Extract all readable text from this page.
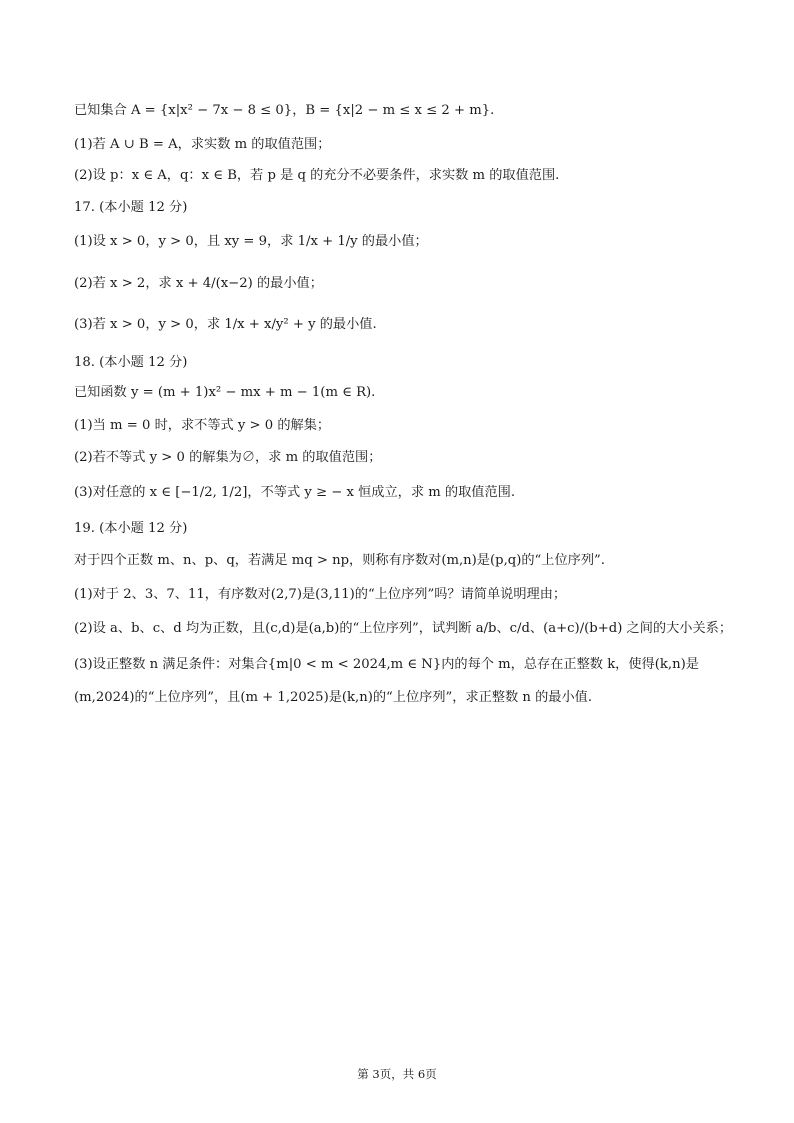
已知集合 A = {x|x² − 7x − 8 ≤ 0}，B = {x|2 − m ≤ x ≤ 2 + m}.
(1)若 A ∪ B = A，求实数 m 的取值范围；
(2)设 p：x ∈ A，q：x ∈ B，若 p 是 q 的充分不必要条件，求实数 m 的取值范围.
17. (本小题 12 分)
(1)设 x > 0，y > 0，且 xy = 9，求 1/x + 1/y 的最小值；
(2)若 x > 2，求 x + 4/(x−2) 的最小值；
(3)若 x > 0，y > 0，求 1/x + x/y² + y 的最小值.
18. (本小题 12 分)
已知函数 y = (m + 1)x² − mx + m − 1(m ∈ R).
(1)当 m = 0 时，求不等式 y > 0 的解集；
(2)若不等式 y > 0 的解集为∅，求 m 的取值范围；
(3)对任意的 x ∈ [−1/2, 1/2]，不等式 y ≥ − x 恒成立，求 m 的取值范围.
19. (本小题 12 分)
对于四个正数 m、n、p、q，若满足 mq > np，则称有序数对(m,n)是(p,q)的“上位序列”.
(1)对于 2、3、7、11，有序数对(2,7)是(3,11)的“上位序列”吗？请简单说明理由；
(2)设 a、b、c、d 均为正数，且(c,d)是(a,b)的“上位序列”，试判断 a/b、c/d、(a+c)/(b+d) 之间的大小关系；
(3)设正整数 n 满足条件：对集合{m|0 < m < 2024,m ∈ N}内的每个 m，总存在正整数 k，使得(k,n)是
(m,2024)的“上位序列”，且(m + 1,2025)是(k,n)的“上位序列”，求正整数 n 的最小值.
第 3页，共 6页
